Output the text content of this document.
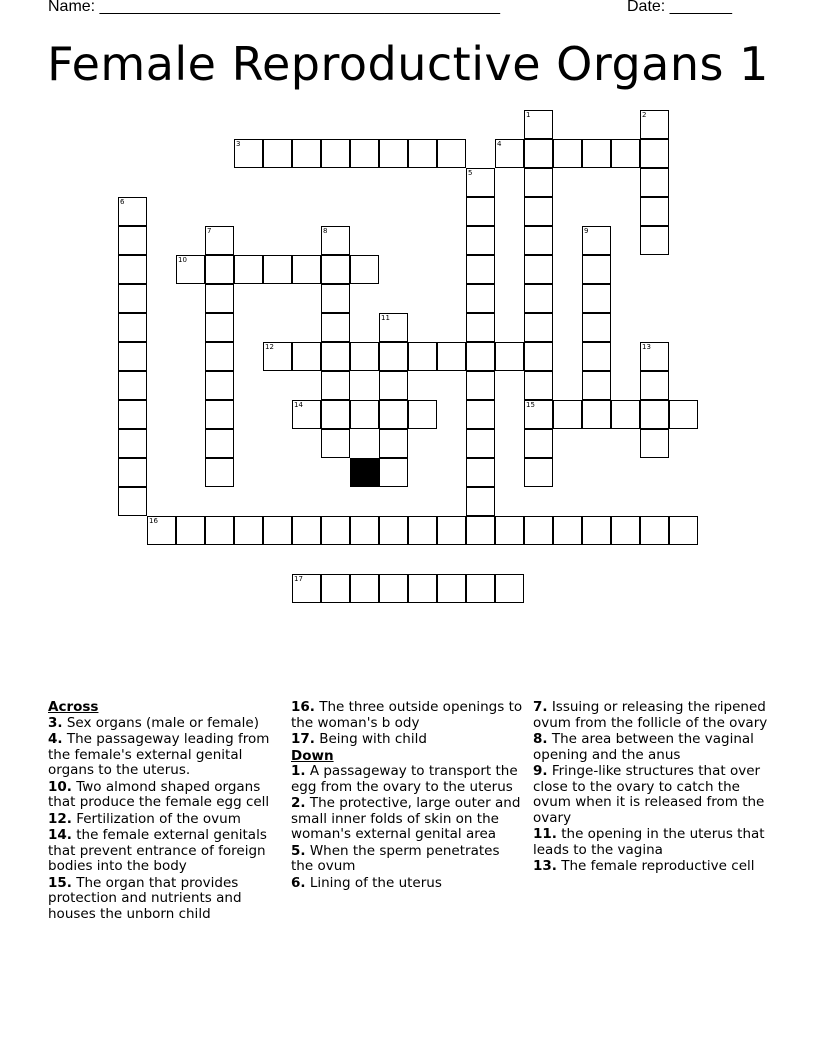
Name: _____________________________________________	Date: _______
Female Reproductive Organs 1
1
15
2
3	4
5
6
7	8	9
10
11
12	13
14
16
17
Across
3. Sex organs (male or female)
4. The passageway leading from the female's external genital organs to the uterus.
10. Two almond shaped organs that produce the female egg cell
12. Fertilization of the ovum
14. the female external genitals that prevent entrance of foreign bodies into the body
15. The organ that provides protection and nutrients and houses the unborn child
16. The three outside openings to the woman's b ody
17. Being with child
Down
1. A passageway to transport the egg from the ovary to the uterus
2. The protective, large outer and small inner folds of skin on the woman's external genital area
5. When the sperm penetrates the ovum
6. Lining of the uterus
7. Issuing or releasing the ripened ovum from the follicle of the ovary
8. The area between the vaginal opening and the anus
9. Fringe-like structures that over close to the ovary to catch the ovum when it is released from the ovary
11. the opening in the uterus that leads to the vagina
13. The female reproductive cell
